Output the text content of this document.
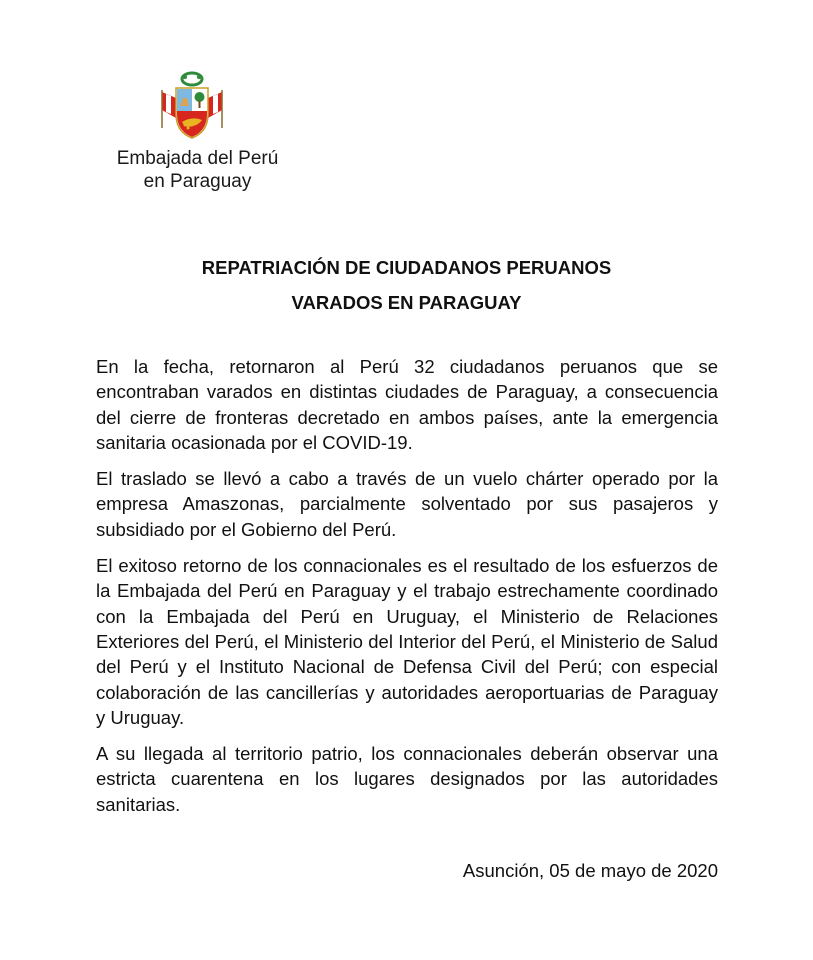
Embajada del Perú
en Paraguay
REPATRIACIÓN DE CIUDADANOS PERUANOS
VARADOS EN PARAGUAY

En la fecha, retornaron al Perú 32 ciudadanos peruanos que se encontraban varados en distintas ciudades de Paraguay, a consecuencia del cierre de fronteras decretado en ambos países, ante la emergencia sanitaria ocasionada por el COVID-19.

El traslado se llevó a cabo a través de un vuelo chárter operado por la empresa Amaszonas, parcialmente solventado por sus pasajeros y subsidiado por el Gobierno del Perú.

El exitoso retorno de los connacionales es el resultado de los esfuerzos de la Embajada del Perú en Paraguay y el trabajo estrechamente coordinado con la Embajada del Perú en Uruguay, el Ministerio de Relaciones Exteriores del Perú, el Ministerio del Interior del Perú, el Ministerio de Salud del Perú y el Instituto Nacional de Defensa Civil del Perú; con especial colaboración de las cancillerías y autoridades aeroportuarias de Paraguay y Uruguay.

A su llegada al territorio patrio, los connacionales deberán observar una estricta cuarentena en los lugares designados por las autoridades sanitarias.

Asunción, 05 de mayo de 2020
